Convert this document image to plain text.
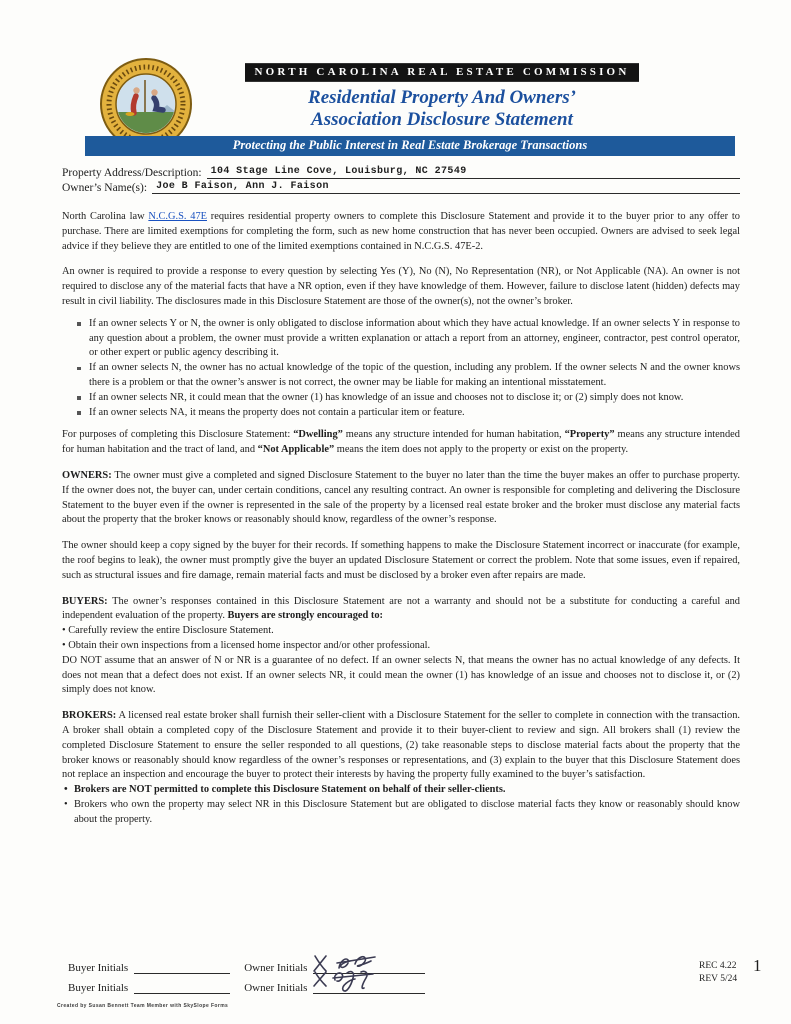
NORTH CAROLINA REAL ESTATE COMMISSION
Residential Property And Owners’
Association Disclosure Statement
Protecting the Public Interest in Real Estate Brokerage Transactions
Property Address/Description: 104 Stage Line Cove, Louisburg, NC 27549
Owner’s Name(s): Joe B Faison, Ann J. Faison

North Carolina law N.C.G.S. 47E requires residential property owners to complete this Disclosure Statement and provide it to the buyer prior to any offer to purchase. There are limited exemptions for completing the form, such as new home construction that has never been occupied. Owners are advised to seek legal advice if they believe they are entitled to one of the limited exemptions contained in N.C.G.S. 47E-2.

An owner is required to provide a response to every question by selecting Yes (Y), No (N), No Representation (NR), or Not Applicable (NA). An owner is not required to disclose any of the material facts that have a NR option, even if they have knowledge of them. However, failure to disclose latent (hidden) defects may result in civil liability. The disclosures made in this Disclosure Statement are those of the owner(s), not the owner’s broker.

If an owner selects Y or N, the owner is only obligated to disclose information about which they have actual knowledge. If an owner selects Y in response to any question about a problem, the owner must provide a written explanation or attach a report from an attorney, engineer, contractor, pest control operator, or other expert or public agency describing it.
If an owner selects N, the owner has no actual knowledge of the topic of the question, including any problem. If the owner selects N and the owner knows there is a problem or that the owner’s answer is not correct, the owner may be liable for making an intentional misstatement.
If an owner selects NR, it could mean that the owner (1) has knowledge of an issue and chooses not to disclose it; or (2) simply does not know.
If an owner selects NA, it means the property does not contain a particular item or feature.

For purposes of completing this Disclosure Statement: “Dwelling” means any structure intended for human habitation, “Property” means any structure intended for human habitation and the tract of land, and “Not Applicable” means the item does not apply to the property or exist on the property.

OWNERS: The owner must give a completed and signed Disclosure Statement to the buyer no later than the time the buyer makes an offer to purchase property. If the owner does not, the buyer can, under certain conditions, cancel any resulting contract. An owner is responsible for completing and delivering the Disclosure Statement to the buyer even if the owner is represented in the sale of the property by a licensed real estate broker and the broker must disclose any material facts about the property that the broker knows or reasonably should know, regardless of the owner’s response.

The owner should keep a copy signed by the buyer for their records. If something happens to make the Disclosure Statement incorrect or inaccurate (for example, the roof begins to leak), the owner must promptly give the buyer an updated Disclosure Statement or correct the problem. Note that some issues, even if repaired, such as structural issues and fire damage, remain material facts and must be disclosed by a broker even after repairs are made.

BUYERS: The owner’s responses contained in this Disclosure Statement are not a warranty and should not be a substitute for conducting a careful and independent evaluation of the property. Buyers are strongly encouraged to:
• Carefully review the entire Disclosure Statement.
• Obtain their own inspections from a licensed home inspector and/or other professional.
DO NOT assume that an answer of N or NR is a guarantee of no defect. If an owner selects N, that means the owner has no actual knowledge of any defects. It does not mean that a defect does not exist. If an owner selects NR, it could mean the owner (1) has knowledge of an issue and chooses not to disclose it, or (2) simply does not know.
BROKERS: A licensed real estate broker shall furnish their seller-client with a Disclosure Statement for the seller to complete in connection with the transaction. A broker shall obtain a completed copy of the Disclosure Statement and provide it to their buyer-client to review and sign. All brokers shall (1) review the completed Disclosure Statement to ensure the seller responded to all questions, (2) take reasonable steps to disclose material facts about the property that the broker knows or reasonably should know regardless of the owner’s responses or representations, and (3) explain to the buyer that this Disclosure Statement does not replace an inspection and encourage the buyer to protect their interests by having the property fully examined to the buyer’s satisfaction.
• Brokers are NOT permitted to complete this Disclosure Statement on behalf of their seller-clients.
• Brokers who own the property may select NR in this Disclosure Statement but are obligated to disclose material facts they know or reasonably should know about the property.
Buyer Initials	Owner Initials
Buyer Initials	Owner Initials
Created by Susan Bennett Team Member with SkySlope Forms
REC 4.22
REV 5/24
1
